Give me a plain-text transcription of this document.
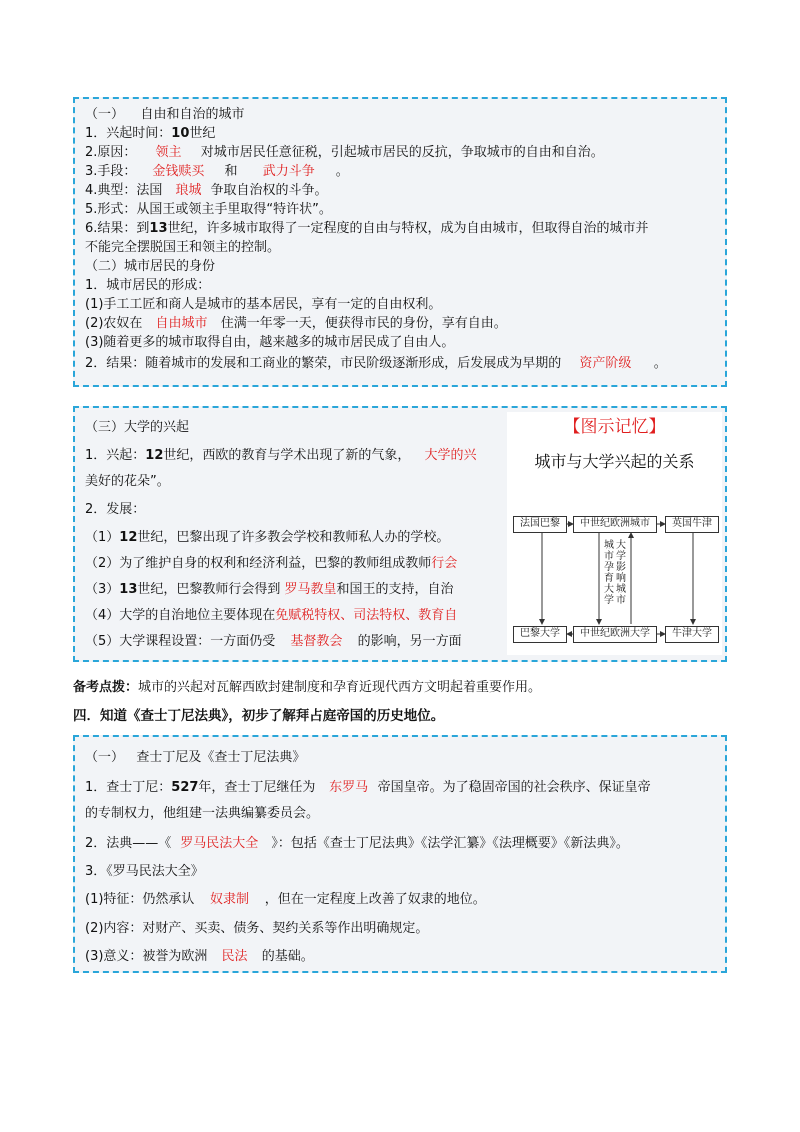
（一） 自由和自治的城市
1．兴起时间：10世纪
2.原因： 领主 对城市居民任意征税，引起城市居民的反抗，争取城市的自由和自治。
3.手段： 金钱赎买 和 武力斗争 。
4.典型：法国 琅城 争取自治权的斗争。
5.形式：从国王或领主手里取得“特许状”。
6.结果：到13世纪，许多城市取得了一定程度的自由与特权，成为自由城市，但取得自治的城市并
不能完全摆脱国王和领主的控制。
（二）城市居民的身份
1．城市居民的形成：
(1)手工工匠和商人是城市的基本居民，享有一定的自由权利。
(2)农奴在 自由城市 住满一年零一天，便获得市民的身份，享有自由。
(3)随着更多的城市取得自由，越来越多的城市居民成了自由人。
2．结果：随着城市的发展和工商业的繁荣，市民阶级逐渐形成，后发展成为早期的 资产阶级 。
（三）大学的兴起
1．兴起：12世纪，西欧的教育与学术出现了新的气象， 大学的兴
美好的花朵”。
2．发展：
（1）12世纪，巴黎出现了许多教会学校和教师私人办的学校。
（2）为了维护自身的权利和经济利益，巴黎的教师组成教师行会
（3）13世纪，巴黎教师行会得到 罗马教皇和国王的支持，自治
（4）大学的自治地位主要体现在免赋税特权、司法特权、教育自
（5）大学课程设置：一方面仍受 基督教会 的影响，另一方面
【图示记忆】
城市与大学兴起的关系
法国巴黎	中世纪欧洲城市	英国牛津
巴黎大学	中世纪欧洲大学	牛津大学
城市孕育大学
大学影响城市
备考点拨：城市的兴起对瓦解西欧封建制度和孕育近现代西方文明起着重要作用。
四．知道《查士丁尼法典》，初步了解拜占庭帝国的历史地位。
（一） 查士丁尼及《查士丁尼法典》
1．查士丁尼：527年，查士丁尼继任为 东罗马 帝国皇帝。为了稳固帝国的社会秩序、保证皇帝
的专制权力，他组建一法典编纂委员会。
2．法典——《 罗马民法大全 》：包括《查士丁尼法典》《法学汇纂》《法理概要》《新法典》。
3．《罗马民法大全》
(1)特征：仍然承认 奴隶制 ，但在一定程度上改善了奴隶的地位。
(2)内容：对财产、买卖、债务、契约关系等作出明确规定。
(3)意义：被誉为欧洲 民法 的基础。
